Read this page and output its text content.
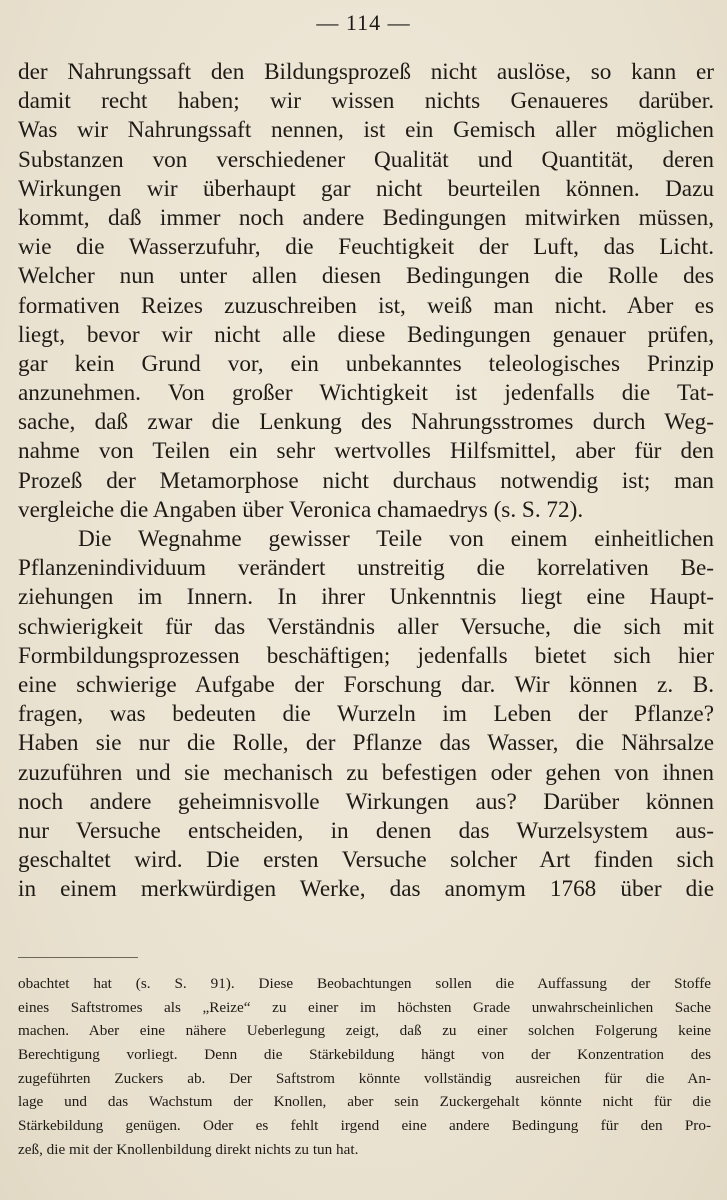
— 114 —
der Nahrungssaft den Bildungsprozeß nicht auslöse, so kann er
damit recht haben; wir wissen nichts Genaueres darüber.
Was wir Nahrungssaft nennen, ist ein Gemisch aller möglichen
Substanzen von verschiedener Qualität und Quantität, deren
Wirkungen wir überhaupt gar nicht beurteilen können. Dazu
kommt, daß immer noch andere Bedingungen mitwirken müssen,
wie die Wasserzufuhr, die Feuchtigkeit der Luft, das Licht.
Welcher nun unter allen diesen Bedingungen die Rolle des
formativen Reizes zuzuschreiben ist, weiß man nicht. Aber es
liegt, bevor wir nicht alle diese Bedingungen genauer prüfen,
gar kein Grund vor, ein unbekanntes teleologisches Prinzip
anzunehmen. Von großer Wichtigkeit ist jedenfalls die Tat-
sache, daß zwar die Lenkung des Nahrungsstromes durch Weg-
nahme von Teilen ein sehr wertvolles Hilfsmittel, aber für den
Prozeß der Metamorphose nicht durchaus notwendig ist; man
vergleiche die Angaben über Veronica chamaedrys (s. S. 72).
Die Wegnahme gewisser Teile von einem einheitlichen
Pflanzenindividuum verändert unstreitig die korrelativen Be-
ziehungen im Innern. In ihrer Unkenntnis liegt eine Haupt-
schwierigkeit für das Verständnis aller Versuche, die sich mit
Formbildungsprozessen beschäftigen; jedenfalls bietet sich hier
eine schwierige Aufgabe der Forschung dar. Wir können z. B.
fragen, was bedeuten die Wurzeln im Leben der Pflanze?
Haben sie nur die Rolle, der Pflanze das Wasser, die Nährsalze
zuzuführen und sie mechanisch zu befestigen oder gehen von ihnen
noch andere geheimnisvolle Wirkungen aus? Darüber können
nur Versuche entscheiden, in denen das Wurzelsystem aus-
geschaltet wird. Die ersten Versuche solcher Art finden sich
in einem merkwürdigen Werke, das anomym 1768 über die
obachtet hat (s. S. 91). Diese Beobachtungen sollen die Auffassung der Stoffe
eines Saftstromes als „Reize“ zu einer im höchsten Grade unwahrscheinlichen Sache
machen. Aber eine nähere Ueberlegung zeigt, daß zu einer solchen Folgerung keine
Berechtigung vorliegt. Denn die Stärkebildung hängt von der Konzentration des
zugeführten Zuckers ab. Der Saftstrom könnte vollständig ausreichen für die An-
lage und das Wachstum der Knollen, aber sein Zuckergehalt könnte nicht für die
Stärkebildung genügen. Oder es fehlt irgend eine andere Bedingung für den Pro-
zeß, die mit der Knollenbildung direkt nichts zu tun hat.
